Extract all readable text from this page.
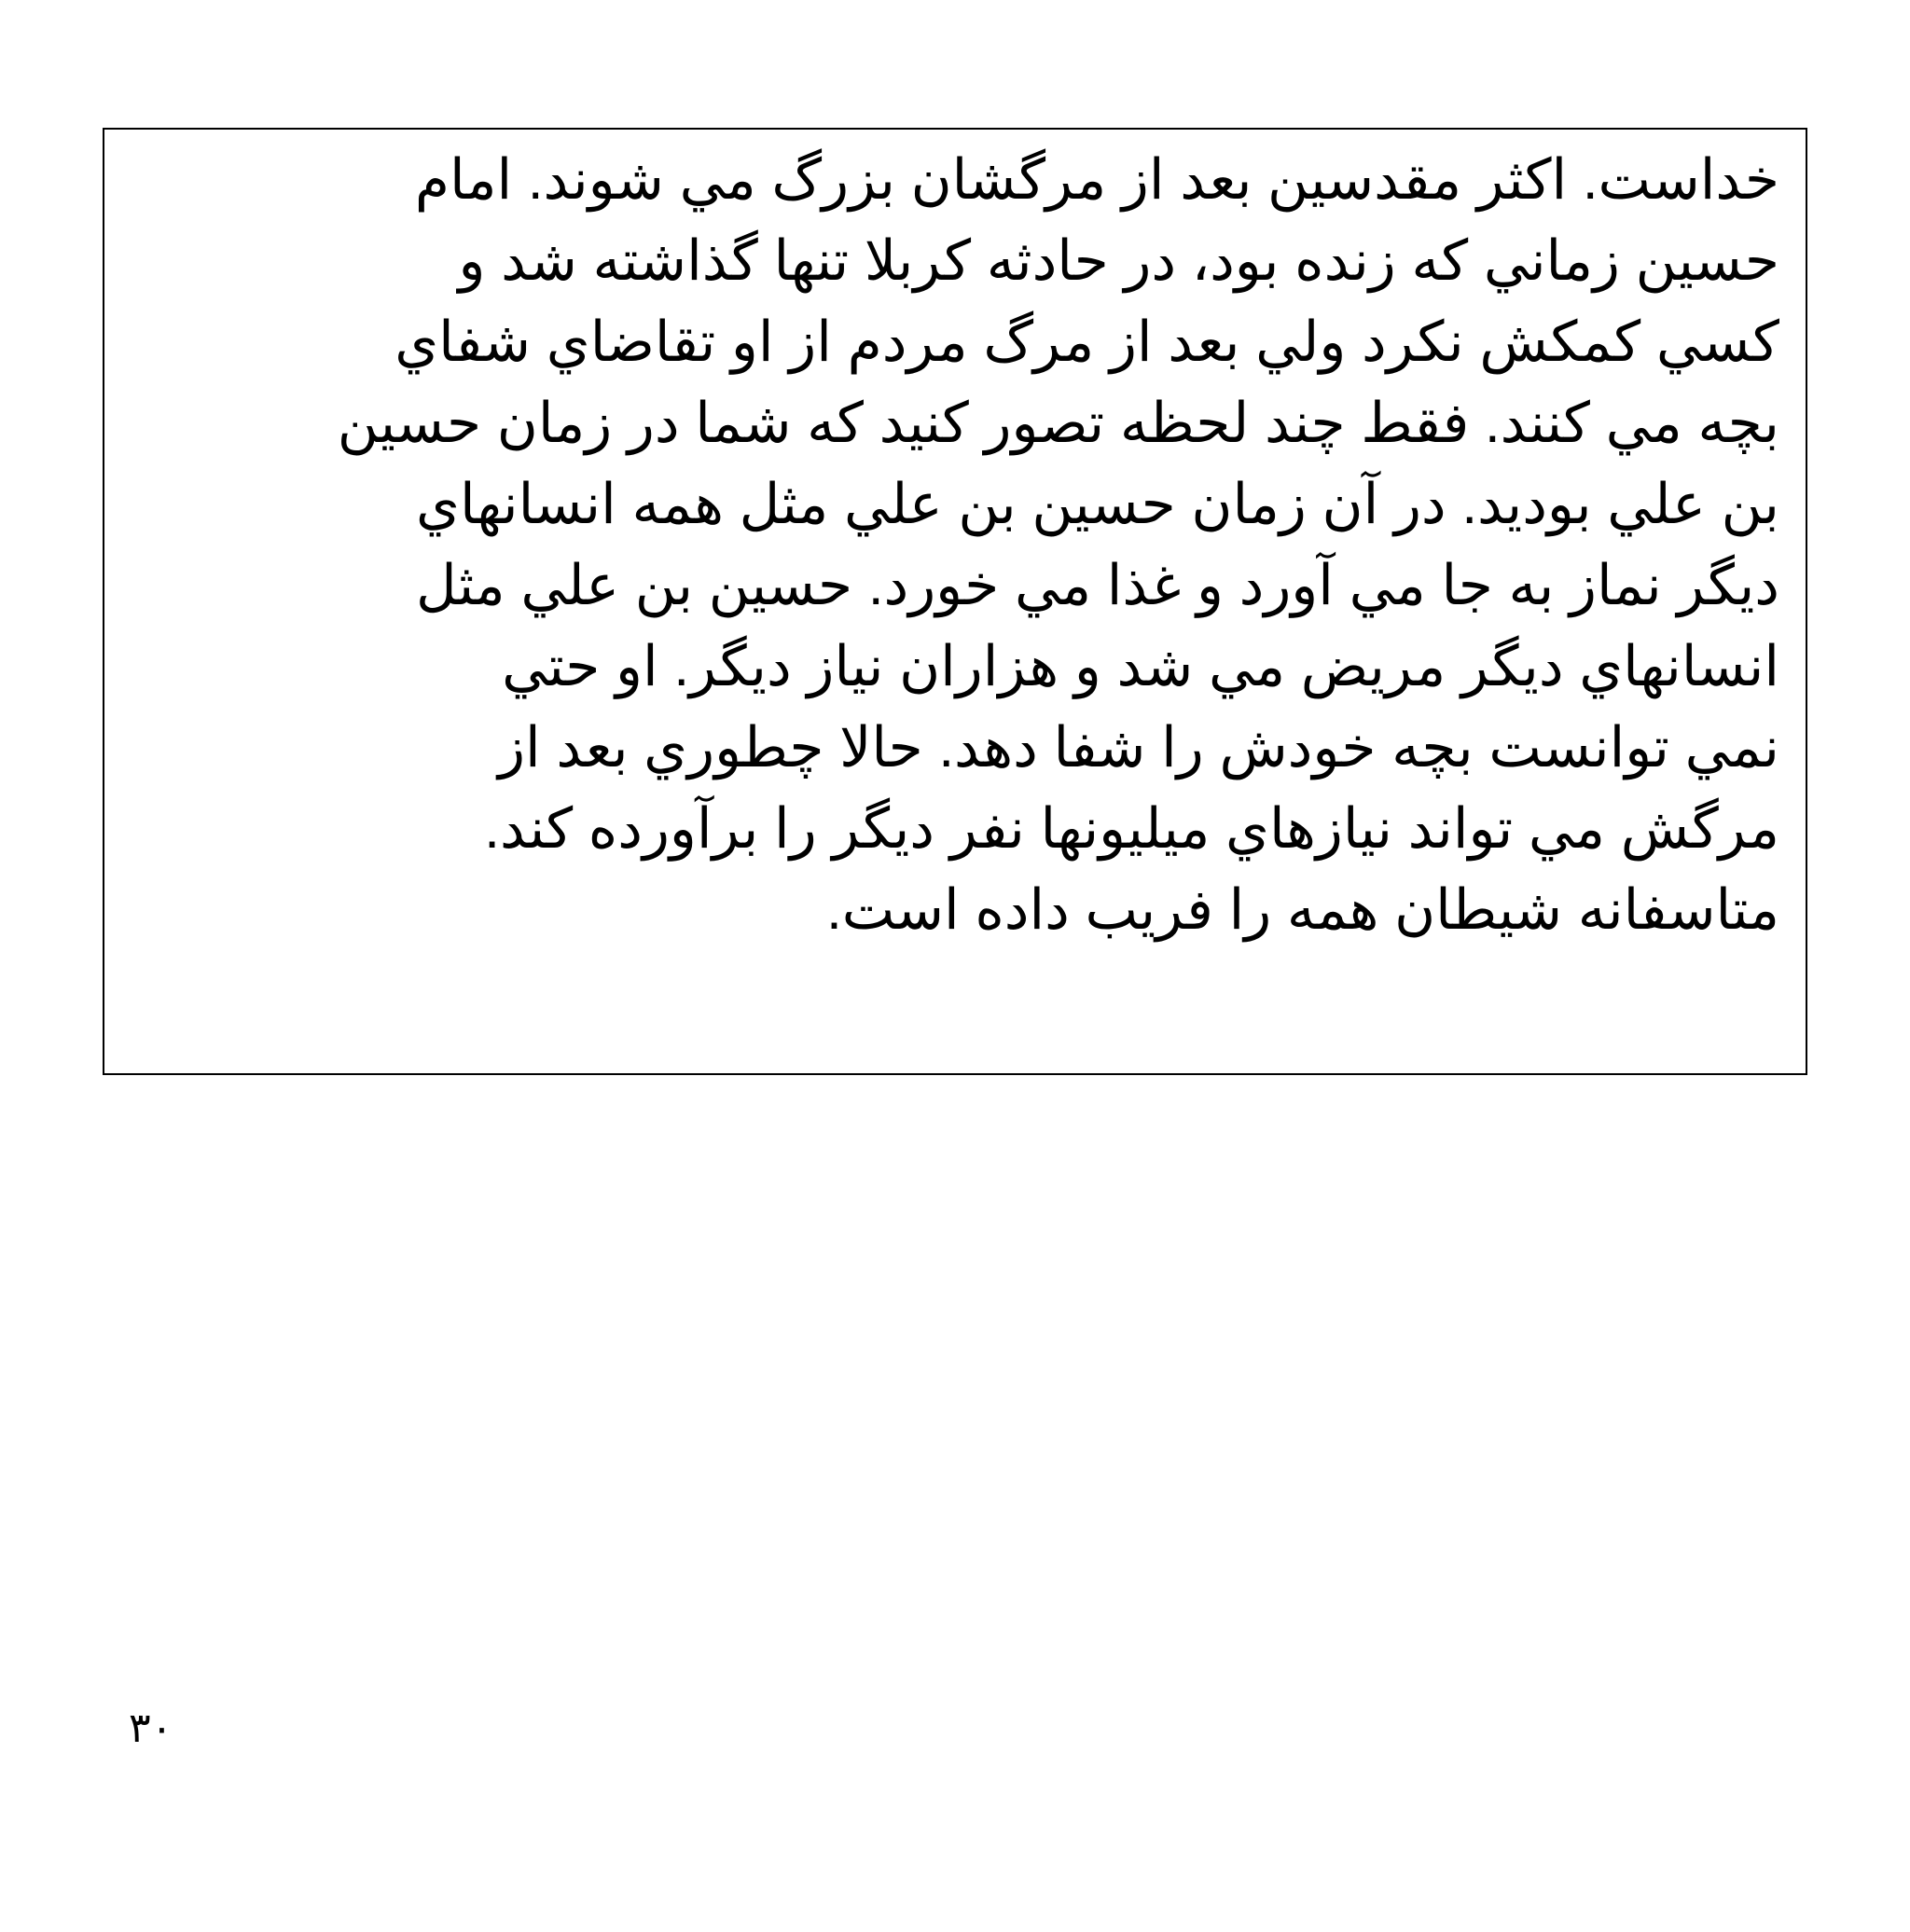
خداست. اكثر مقدسين بعد از مرگشان بزرگ مي شوند. امام
حسين زماني كه زنده بود، در حادثه كربلا تنها گذاشته شد و
كسي كمكش نكرد ولي بعد از مرگ مردم از او تقاضاي شفاي
بچه مي كنند. فقط چند لحظه تصور كنيد كه شما در زمان حسين
بن علي بوديد. در آن زمان حسين بن علي مثل همه انسانهاي
ديگر نماز به جا مي آورد و غذا مي خورد. حسين بن علي مثل
انسانهاي ديگر مريض مي شد و هزاران نياز ديگر. او حتي
نمي توانست بچه خودش را شفا دهد. حالا چطوري بعد از
مرگش مي تواند نيازهاي ميليونها نفر ديگر را برآورده كند.
متاسفانه شيطان همه را فريب داده است.
۳۰
